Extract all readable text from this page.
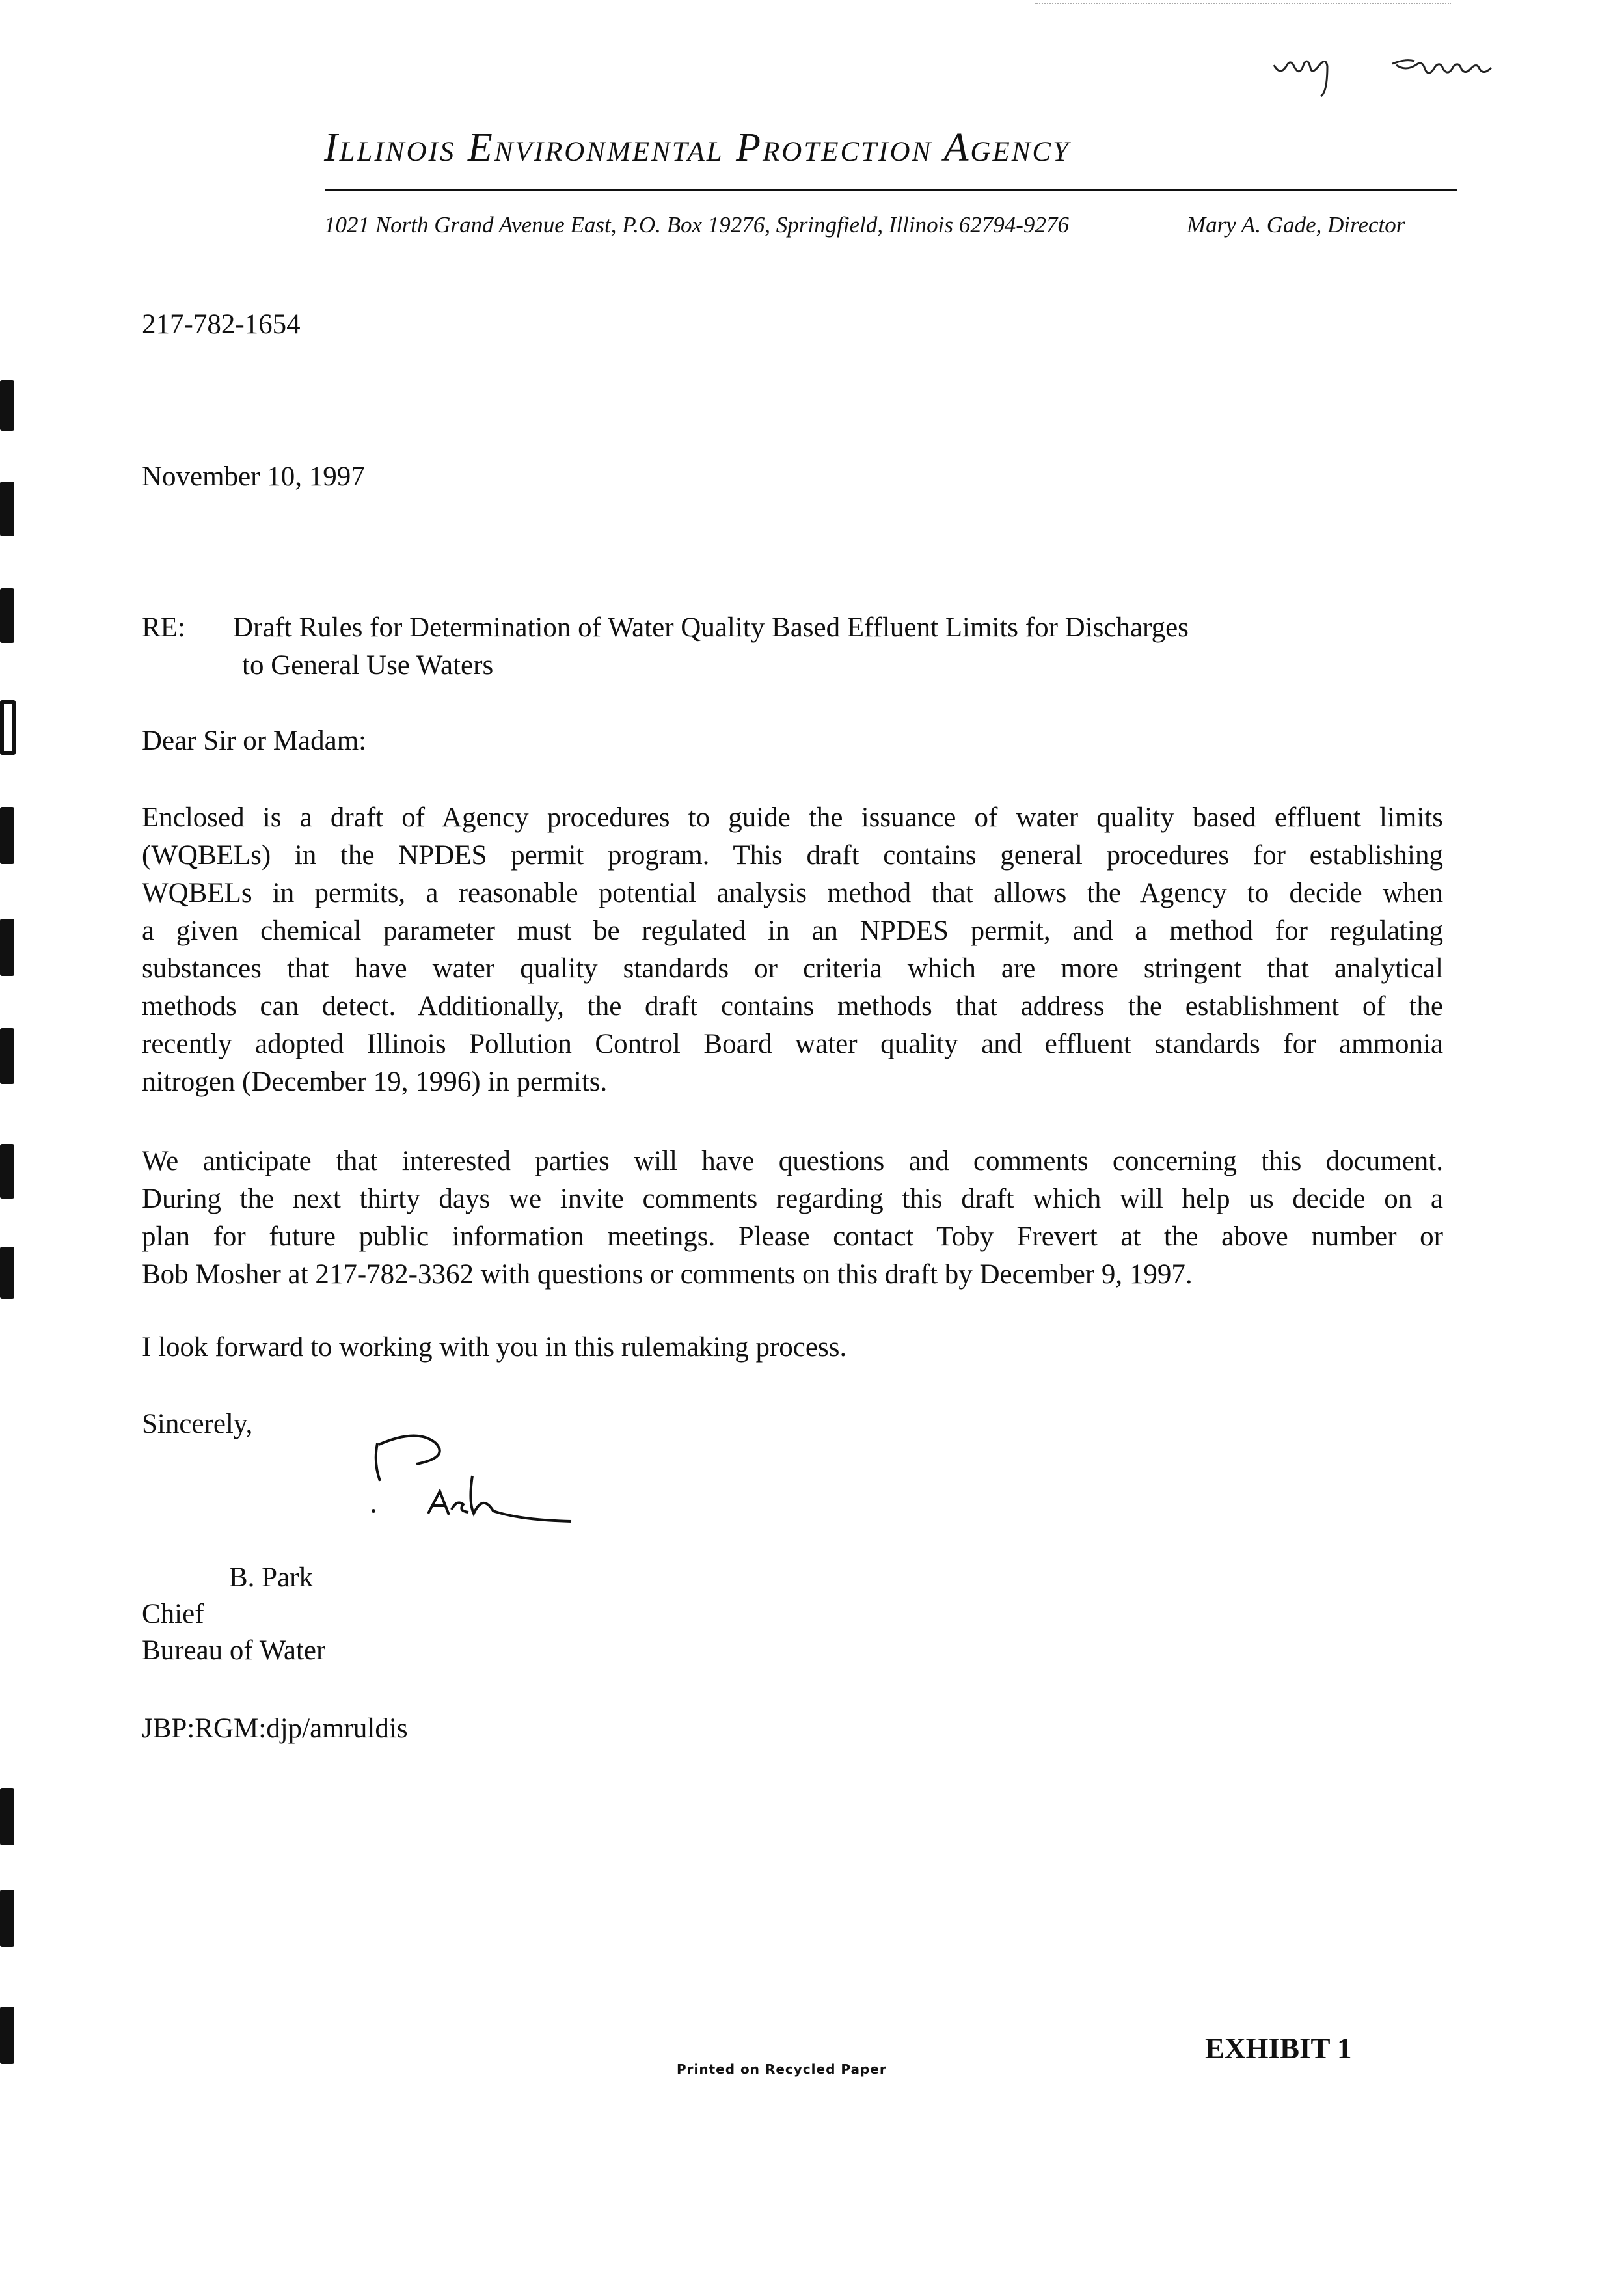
Illinois Environmental Protection Agency
1021 North Grand Avenue East, P.O. Box 19276, Springfield, Illinois 62794-9276	Mary A. Gade, Director
217-782-1654
November 10, 1997
RE: Draft Rules for Determination of Water Quality Based Effluent Limits for Discharges
to General Use Waters
Dear Sir or Madam:
Enclosed is a draft of Agency procedures to guide the issuance of water quality based effluent limits
(WQBELs) in the NPDES permit program. This draft contains general procedures for establishing
WQBELs in permits, a reasonable potential analysis method that allows the Agency to decide when
a given chemical parameter must be regulated in an NPDES permit, and a method for regulating
substances that have water quality standards or criteria which are more stringent that analytical
methods can detect. Additionally, the draft contains methods that address the establishment of the
recently adopted Illinois Pollution Control Board water quality and effluent standards for ammonia
nitrogen (December 19, 1996) in permits.
We anticipate that interested parties will have questions and comments concerning this document.
During the next thirty days we invite comments regarding this draft which will help us decide on a
plan for future public information meetings. Please contact Toby Frevert at the above number or
Bob Mosher at 217-782-3362 with questions or comments on this draft by December 9, 1997.
I look forward to working with you in this rulemaking process.
Sincerely,
B. Park
Chief
Bureau of Water
JBP:RGM:djp/amruldis
Printed on Recycled Paper
EXHIBIT 1
